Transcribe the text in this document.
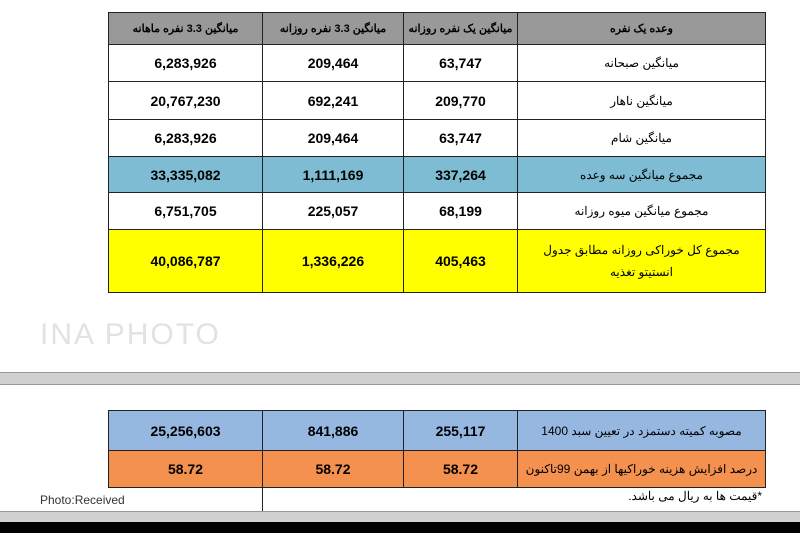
میانگین 3.3 نفره ماهانه	میانگین 3.3 نفره روزانه	میانگین یک نفره روزانه	وعده یک نفره
6,283,926	209,464	63,747	میانگین صبحانه
20,767,230	692,241	209,770	میانگین ناهار
6,283,926	209,464	63,747	میانگین شام
33,335,082	1,111,169	337,264	مجموع میانگین سه وعده
6,751,705	225,057	68,199	مجموع میانگین میوه روزانه
40,086,787	1,336,226	405,463	مجموع کل خوراکی روزانه مطابق جدول انستیتو تغذیه
INA PHOTO
25,256,603	841,886	255,117	مصوبه کمیته دستمزد در تعیین سبد 1400
58.72	58.72	58.72	درصد افزایش هزینه خوراکیها از بهمن 99تاکنون
*قیمت ها به ریال می باشد.
Photo:Received
